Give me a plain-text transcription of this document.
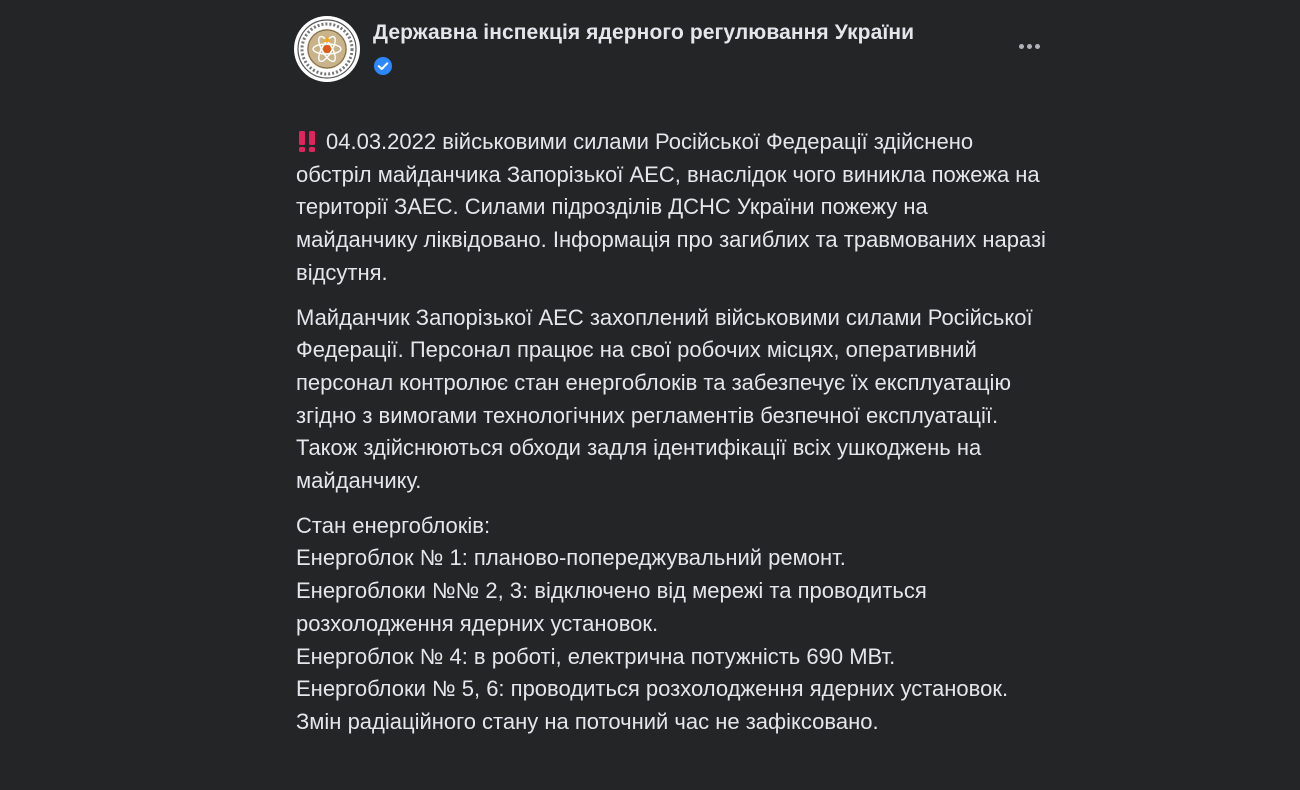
Державна інспекція ядерного регулювання України

04.03.2022 військовими силами Російської Федерації здійснено обстріл майданчика Запорізької АЕС, внаслідок чого виникла пожежа на території ЗАЕС. Силами підрозділів ДСНС України пожежу на майданчику ліквідовано. Інформація про загиблих та травмованих наразі відсутня.

Майданчик Запорізької АЕС захоплений військовими силами Російської Федерації. Персонал працює на свої робочих місцях, оперативний персонал контролює стан енергоблоків та забезпечує їх експлуатацію згідно з вимогами технологічних регламентів безпечної експлуатації. Також здійснюються обходи задля ідентифікації всіх ушкоджень на майданчику.

Стан енергоблоків:
Енергоблок № 1: планово-попереджувальний ремонт.
Енергоблоки №№ 2, 3: відключено від мережі та проводиться розхолодження ядерних установок.
Енергоблок № 4: в роботі, електрична потужність 690 МВт.
Енергоблоки № 5, 6: проводиться розхолодження ядерних установок.
Змін радіаційного стану на поточний час не зафіксовано.
